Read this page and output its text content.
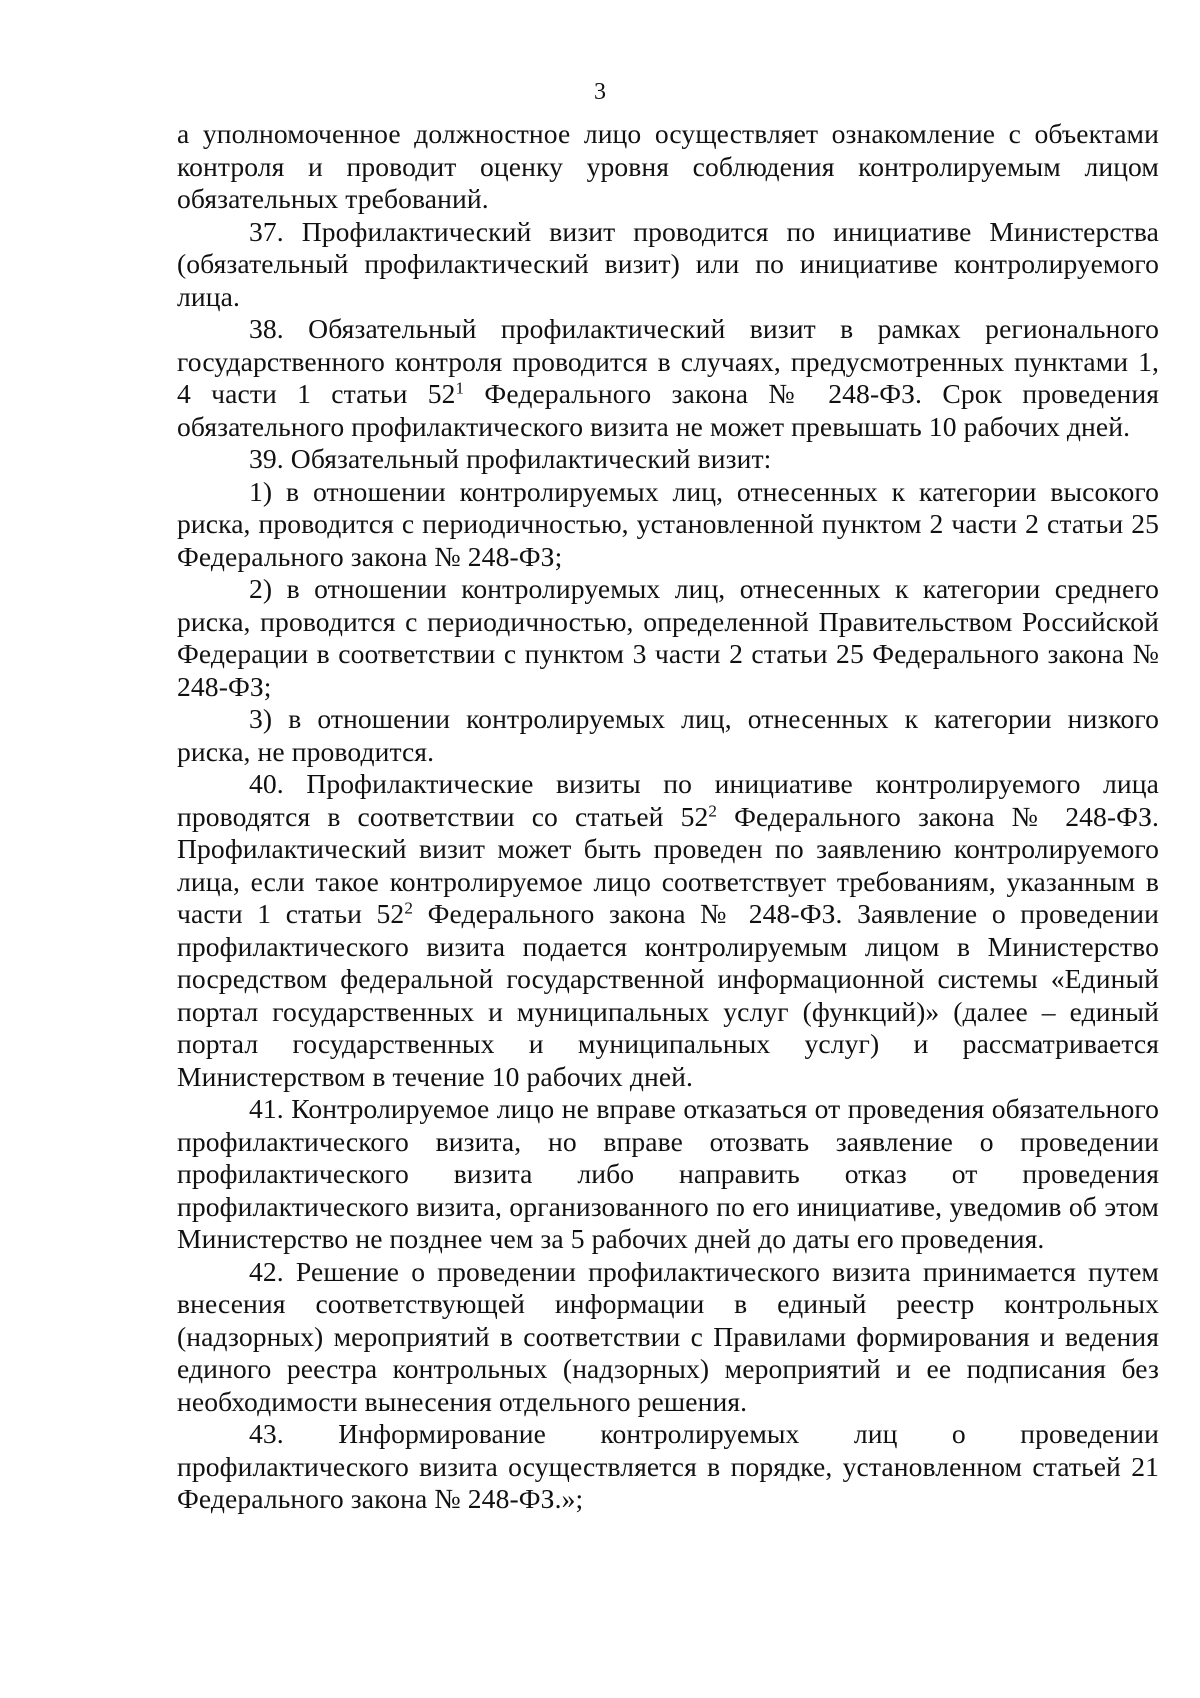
3

а уполномоченное должностное лицо осуществляет ознакомление с объектами контроля и проводит оценку уровня соблюдения контролируемым лицом обязательных требований.

37. Профилактический визит проводится по инициативе Министерства (обязательный профилактический визит) или по инициативе контролируемого лица.

38. Обязательный профилактический визит в рамках регионального государственного контроля проводится в случаях, предусмотренных пунктами 1, 4 части 1 статьи $52^1$ Федерального закона № 248-ФЗ. Срок проведения обязательного профилактического визита не может превышать 10 рабочих дней.

39. Обязательный профилактический визит:

1) в отношении контролируемых лиц, отнесенных к категории высокого риска, проводится с периодичностью, установленной пунктом 2 части 2 статьи 25 Федерального закона № 248-ФЗ;

2) в отношении контролируемых лиц, отнесенных к категории среднего риска, проводится с периодичностью, определенной Правительством Российской Федерации в соответствии с пунктом 3 части 2 статьи 25 Федерального закона № 248-ФЗ;

3) в отношении контролируемых лиц, отнесенных к категории низкого риска, не проводится.

40. Профилактические визиты по инициативе контролируемого лица проводятся в соответствии со статьей $52^2$ Федерального закона № 248-ФЗ. Профилактический визит может быть проведен по заявлению контролируемого лица, если такое контролируемое лицо соответствует требованиям, указанным в части 1 статьи $52^2$ Федерального закона № 248-ФЗ. Заявление о проведении профилактического визита подается контролируемым лицом в Министерство посредством федеральной государственной информационной системы «Единый портал государственных и муниципальных услуг (функций)» (далее – единый портал государственных и муниципальных услуг) и рассматривается Министерством в течение 10 рабочих дней.

41. Контролируемое лицо не вправе отказаться от проведения обязательного профилактического визита, но вправе отозвать заявление о проведении профилактического визита либо направить отказ от проведения профилактического визита, организованного по его инициативе, уведомив об этом Министерство не позднее чем за 5 рабочих дней до даты его проведения.

42. Решение о проведении профилактического визита принимается путем внесения соответствующей информации в единый реестр контрольных (надзорных) мероприятий в соответствии с Правилами формирования и ведения единого реестра контрольных (надзорных) мероприятий и ее подписания без необходимости вынесения отдельного решения.

43. Информирование контролируемых лиц о проведении профилактического визита осуществляется в порядке, установленном статьей 21 Федерального закона № 248-ФЗ.»;
